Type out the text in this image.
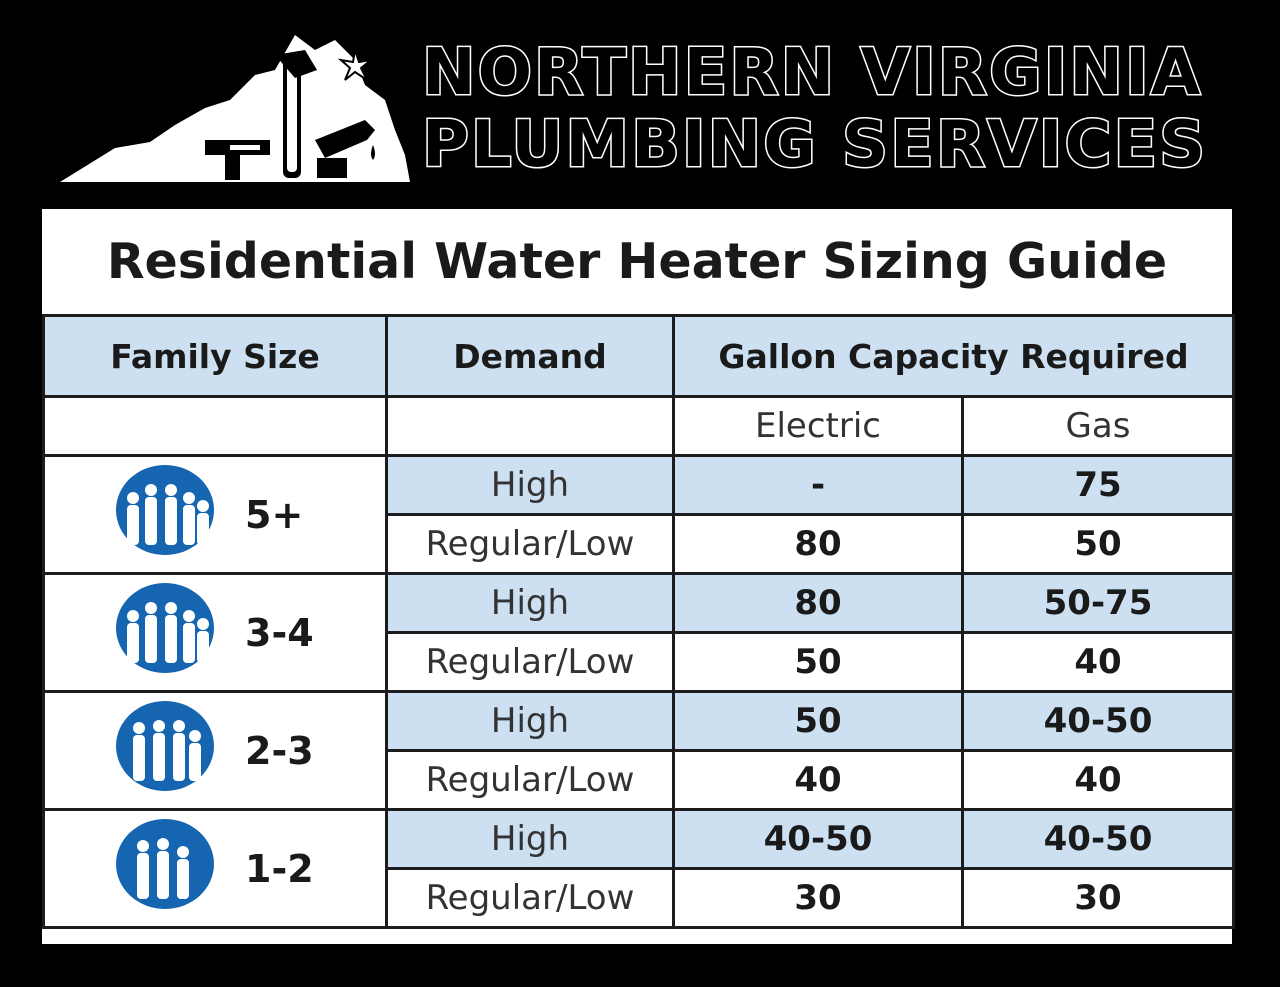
NORTHERN VIRGINIA
PLUMBING SERVICES
Residential Water Heater Sizing Guide
Family Size	Demand	Gallon Capacity Required	
		Electric	Gas

5+	High	-	75
	Regular/Low	80	50

3-4	High	80	50-75
	Regular/Low	50	40

2-3	High	50	40-50
	Regular/Low	40	40

1-2	High	40-50	40-50
	Regular/Low	30	30
